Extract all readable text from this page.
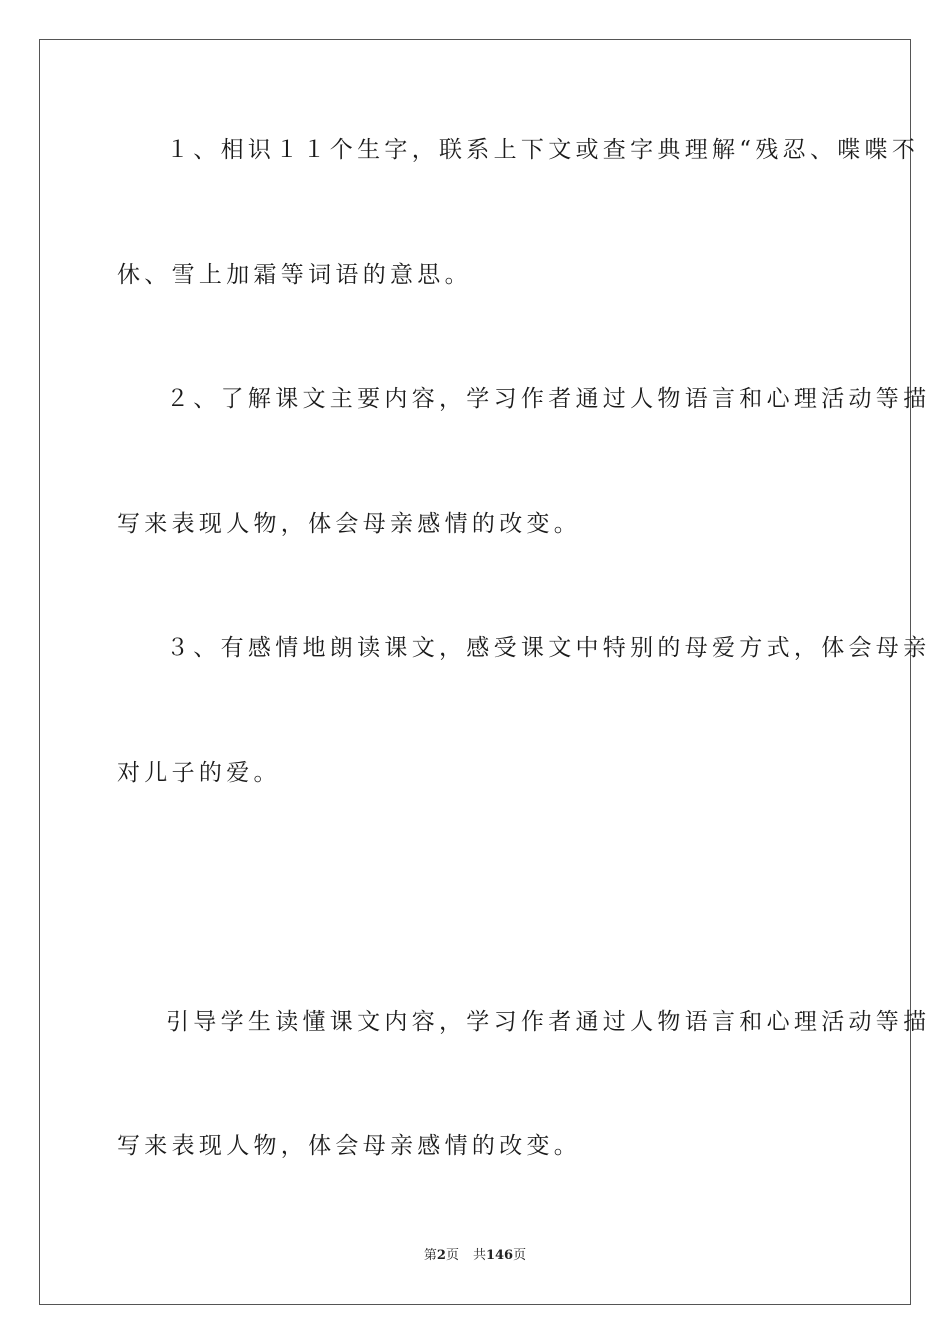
１、相识１１个生字，联系上下文或查字典理解“残忍、喋喋不
休、雪上加霜等词语的意思。
２、了解课文主要内容，学习作者通过人物语言和心理活动等描
写来表现人物，体会母亲感情的改变。
３、有感情地朗读课文，感受课文中特别的母爱方式，体会母亲
对儿子的爱。
引导学生读懂课文内容，学习作者通过人物语言和心理活动等描
写来表现人物，体会母亲感情的改变。
第2页 共146页
